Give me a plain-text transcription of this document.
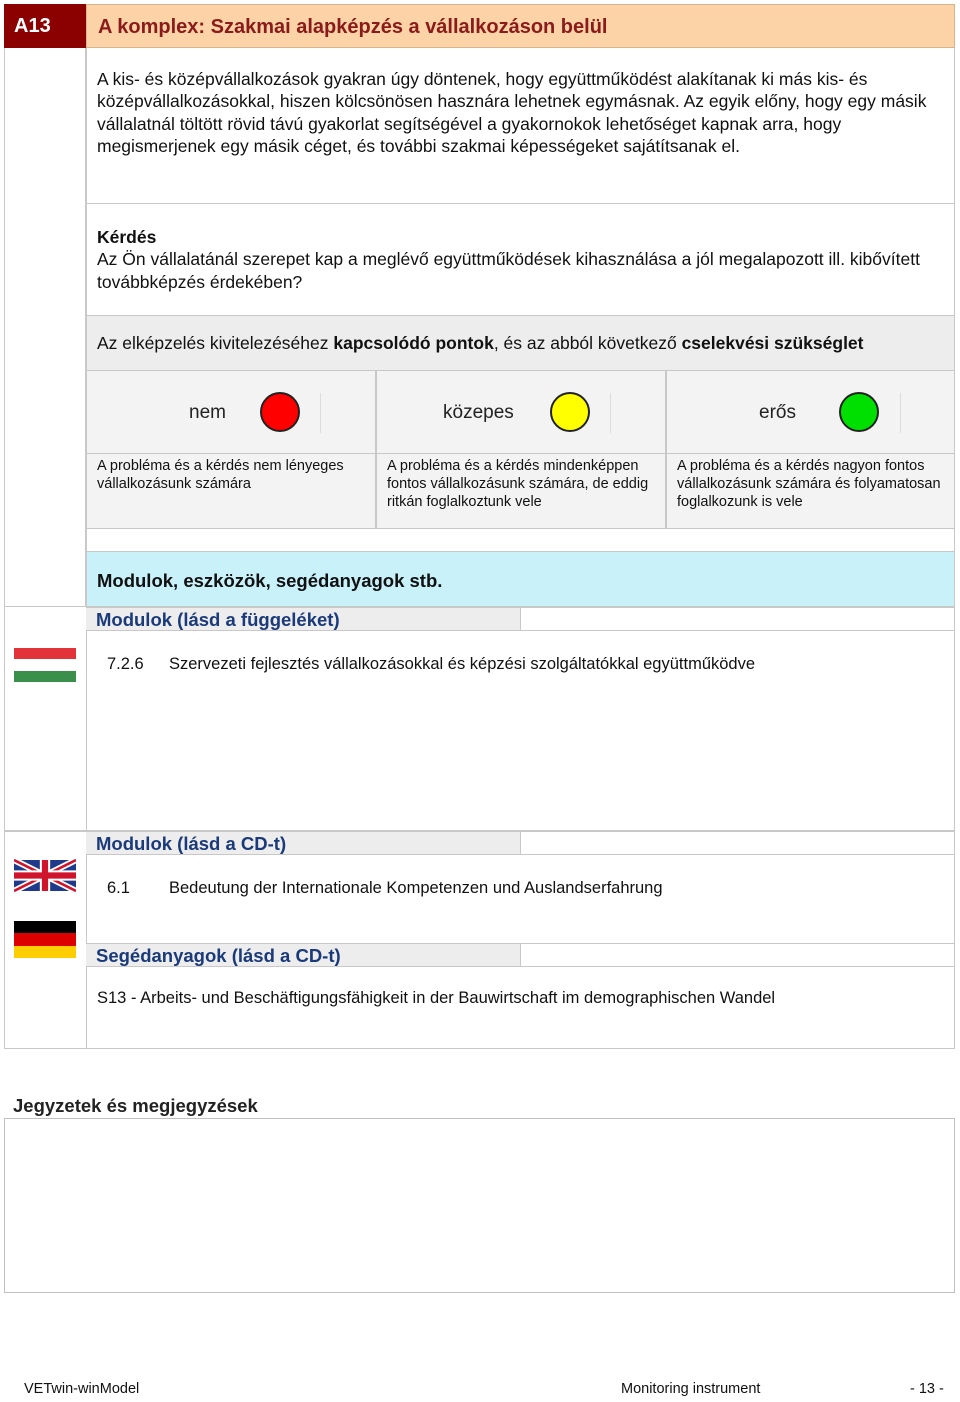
A13	A komplex: Szakmai alapképzés a vállalkozáson belül
A kis- és középvállalkozások gyakran úgy döntenek, hogy együttműködést alakítanak ki más kis- és középvállalkozásokkal, hiszen kölcsönösen hasznára lehetnek egymásnak. Az egyik előny, hogy egy másik vállalatnál töltött rövid távú gyakorlat segítségével a gyakornokok lehetőséget kapnak arra, hogy megismerjenek egy másik céget, és további szakmai képességeket sajátítsanak el.
Kérdés
Az Ön vállalatánál szerepet kap a meglévő együttműködések kihasználása a jól megalapozott ill. kibővített továbbképzés érdekében?
Az elképzelés kivitelezéséhez kapcsolódó pontok, és az abból következő cselekvési szükséglet
nem	közepes	erős
A probléma és a kérdés nem lényeges vállalkozásunk számára
A probléma és a kérdés mindenképpen fontos vállalkozásunk számára, de eddig ritkán foglalkoztunk vele
A probléma és a kérdés nagyon fontos vállalkozásunk számára és folyamatosan foglalkozunk is vele
Modulok, eszközök, segédanyagok stb.
Modulok (lásd a függeléket)
7.2.6 Szervezeti fejlesztés vállalkozásokkal és képzési szolgáltatókkal együttműködve
Modulok (lásd a CD-t)
6.1 Bedeutung der Internationale Kompetenzen und Auslandserfahrung
Segédanyagok (lásd a CD-t)
S13 - Arbeits- und Beschäftigungsfähigkeit in der Bauwirtschaft im demographischen Wandel
Jegyzetek és megjegyzések
VETwin-winModel	Monitoring instrument	- 13 -
